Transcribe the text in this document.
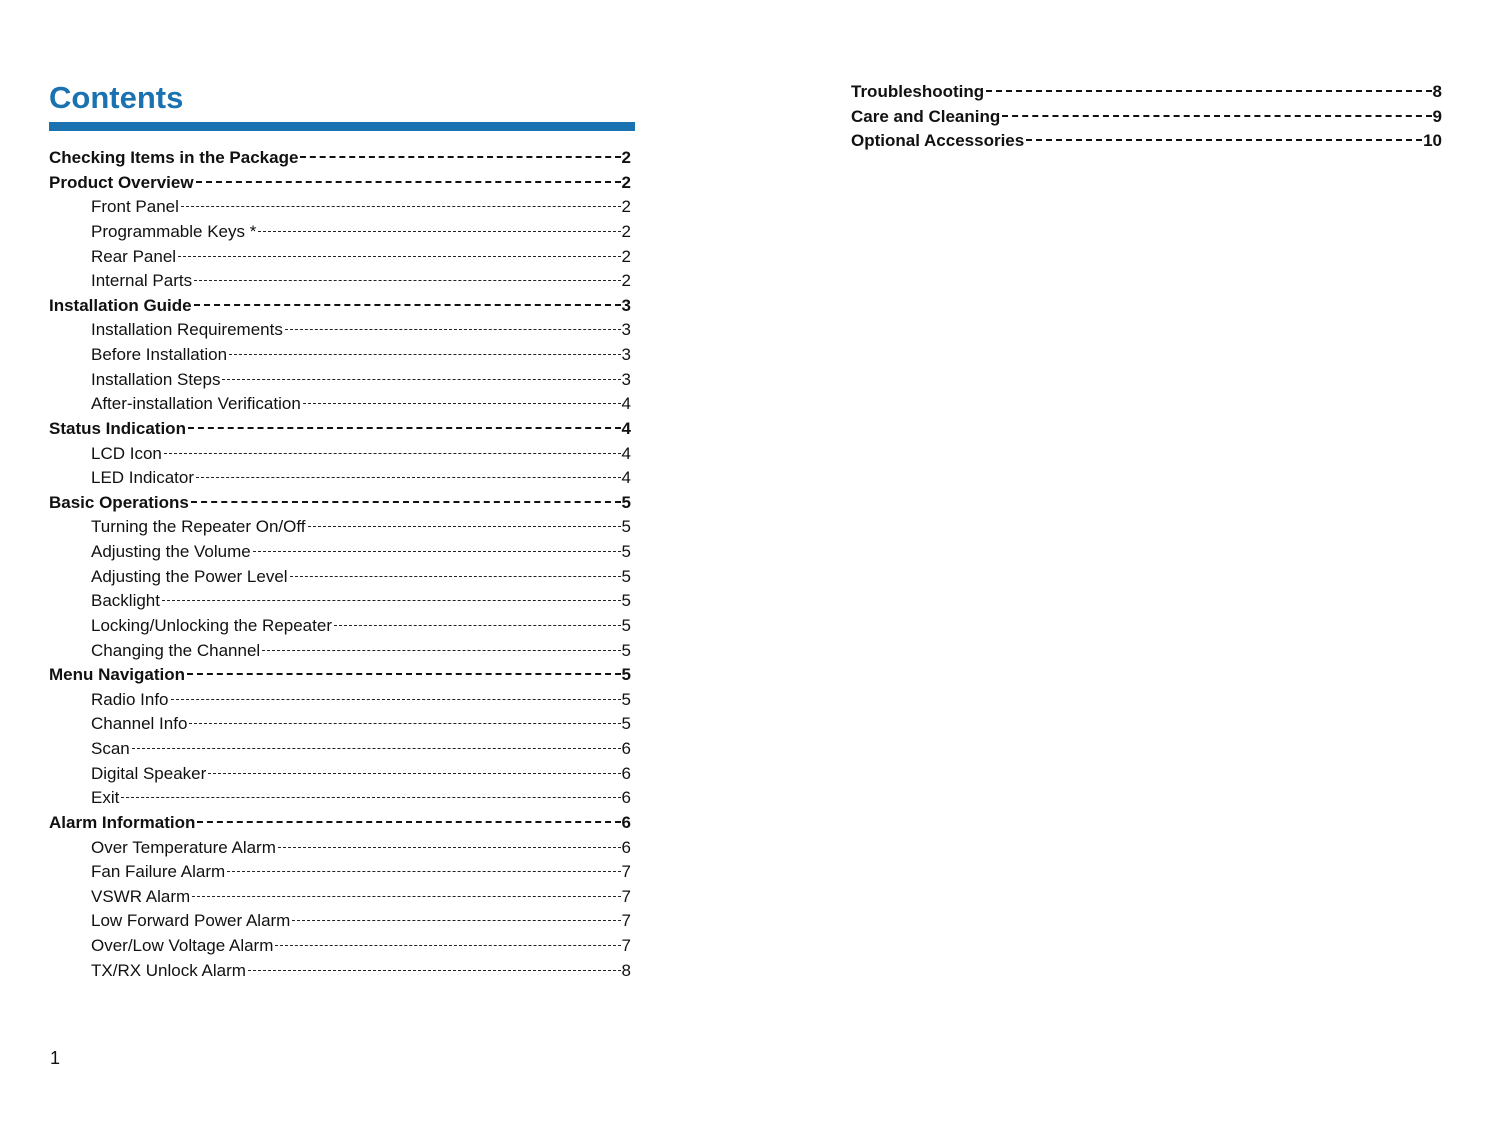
Contents
Checking Items in the Package	2
Product Overview	2
Front Panel	2
Programmable Keys *	2
Rear Panel	2
Internal Parts	2
Installation Guide	3
Installation Requirements	3
Before Installation	3
Installation Steps	3
After-installation Verification	4
Status Indication	4
LCD Icon	4
LED Indicator	4
Basic Operations	5
Turning the Repeater On/Off	5
Adjusting the Volume	5
Adjusting the Power Level	5
Backlight	5
Locking/Unlocking the Repeater	5
Changing the Channel	5
Menu Navigation	5
Radio Info	5
Channel Info	5
Scan	6
Digital Speaker	6
Exit	6
Alarm Information	6
Over Temperature Alarm	6
Fan Failure Alarm	7
VSWR Alarm	7
Low Forward Power Alarm	7
Over/Low Voltage Alarm	7
TX/RX Unlock Alarm	8
Troubleshooting	8
Care and Cleaning	9
Optional Accessories	10
1
